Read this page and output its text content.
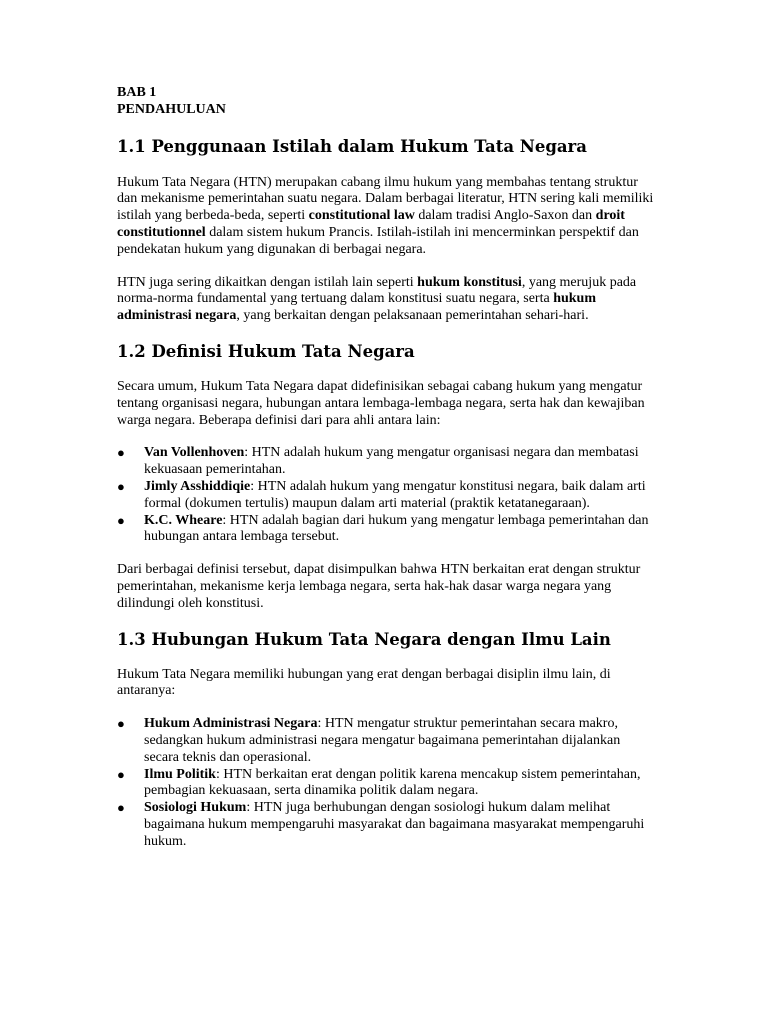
BAB 1

PENDAHULUAN

1.1 Penggunaan Istilah dalam Hukum Tata Negara

Hukum Tata Negara (HTN) merupakan cabang ilmu hukum yang membahas tentang struktur dan mekanisme pemerintahan suatu negara. Dalam berbagai literatur, HTN sering kali memiliki istilah yang berbeda-beda, seperti constitutional law dalam tradisi Anglo-Saxon dan droit constitutionnel dalam sistem hukum Prancis. Istilah-istilah ini mencerminkan perspektif dan pendekatan hukum yang digunakan di berbagai negara.

HTN juga sering dikaitkan dengan istilah lain seperti hukum konstitusi, yang merujuk pada norma-norma fundamental yang tertuang dalam konstitusi suatu negara, serta hukum administrasi negara, yang berkaitan dengan pelaksanaan pemerintahan sehari-hari.

1.2 Definisi Hukum Tata Negara

Secara umum, Hukum Tata Negara dapat didefinisikan sebagai cabang hukum yang mengatur tentang organisasi negara, hubungan antara lembaga-lembaga negara, serta hak dan kewajiban warga negara. Beberapa definisi dari para ahli antara lain:

● Van Vollenhoven: HTN adalah hukum yang mengatur organisasi negara dan membatasi kekuasaan pemerintahan.
● Jimly Asshiddiqie: HTN adalah hukum yang mengatur konstitusi negara, baik dalam arti formal (dokumen tertulis) maupun dalam arti material (praktik ketatanegaraan).
● K.C. Wheare: HTN adalah bagian dari hukum yang mengatur lembaga pemerintahan dan hubungan antara lembaga tersebut.

Dari berbagai definisi tersebut, dapat disimpulkan bahwa HTN berkaitan erat dengan struktur pemerintahan, mekanisme kerja lembaga negara, serta hak-hak dasar warga negara yang dilindungi oleh konstitusi.

1.3 Hubungan Hukum Tata Negara dengan Ilmu Lain

Hukum Tata Negara memiliki hubungan yang erat dengan berbagai disiplin ilmu lain, di antaranya:

● Hukum Administrasi Negara: HTN mengatur struktur pemerintahan secara makro, sedangkan hukum administrasi negara mengatur bagaimana pemerintahan dijalankan secara teknis dan operasional.
● Ilmu Politik: HTN berkaitan erat dengan politik karena mencakup sistem pemerintahan, pembagian kekuasaan, serta dinamika politik dalam negara.
● Sosiologi Hukum: HTN juga berhubungan dengan sosiologi hukum dalam melihat bagaimana hukum mempengaruhi masyarakat dan bagaimana masyarakat mempengaruhi hukum.
